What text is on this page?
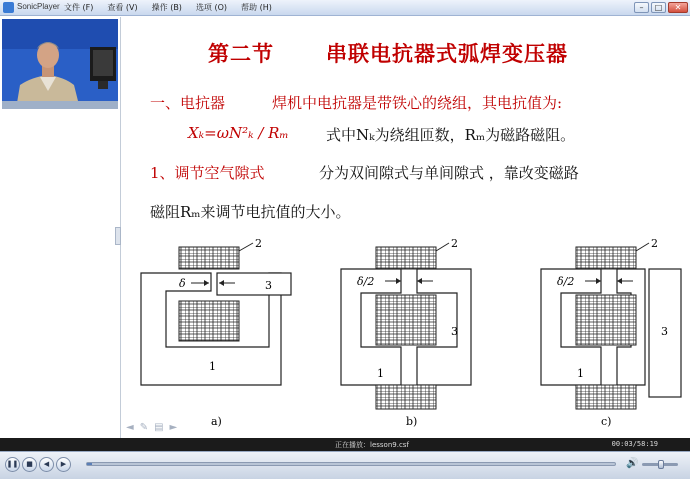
SonicPlayer 文件 (F) 查看 (V) 操作 (B) 选项 (O) 帮助 (H)	–	□	✕
第二节 串联电抗器式弧焊变压器
一、电抗器	焊机中电抗器是带铁心的绕组，其电抗值为:
Xₖ=ωN²ₖ / Rₘ 式中Nₖ为绕组匝数，Rₘ为磁路磁阻。
1、调节空气隙式	分为双间隙式与单间隙式 ，靠改变磁路
磁阻Rₘ来调节电抗值的大小。
2
δ	3
1
a)
2
δ/2
3
1
b)
2
δ/2
3
1
c)
◄ ✎ ▤ ►
正在播放：lesson9.csf	00:03/58:19
❚❚	■	◀	▶	🔊
